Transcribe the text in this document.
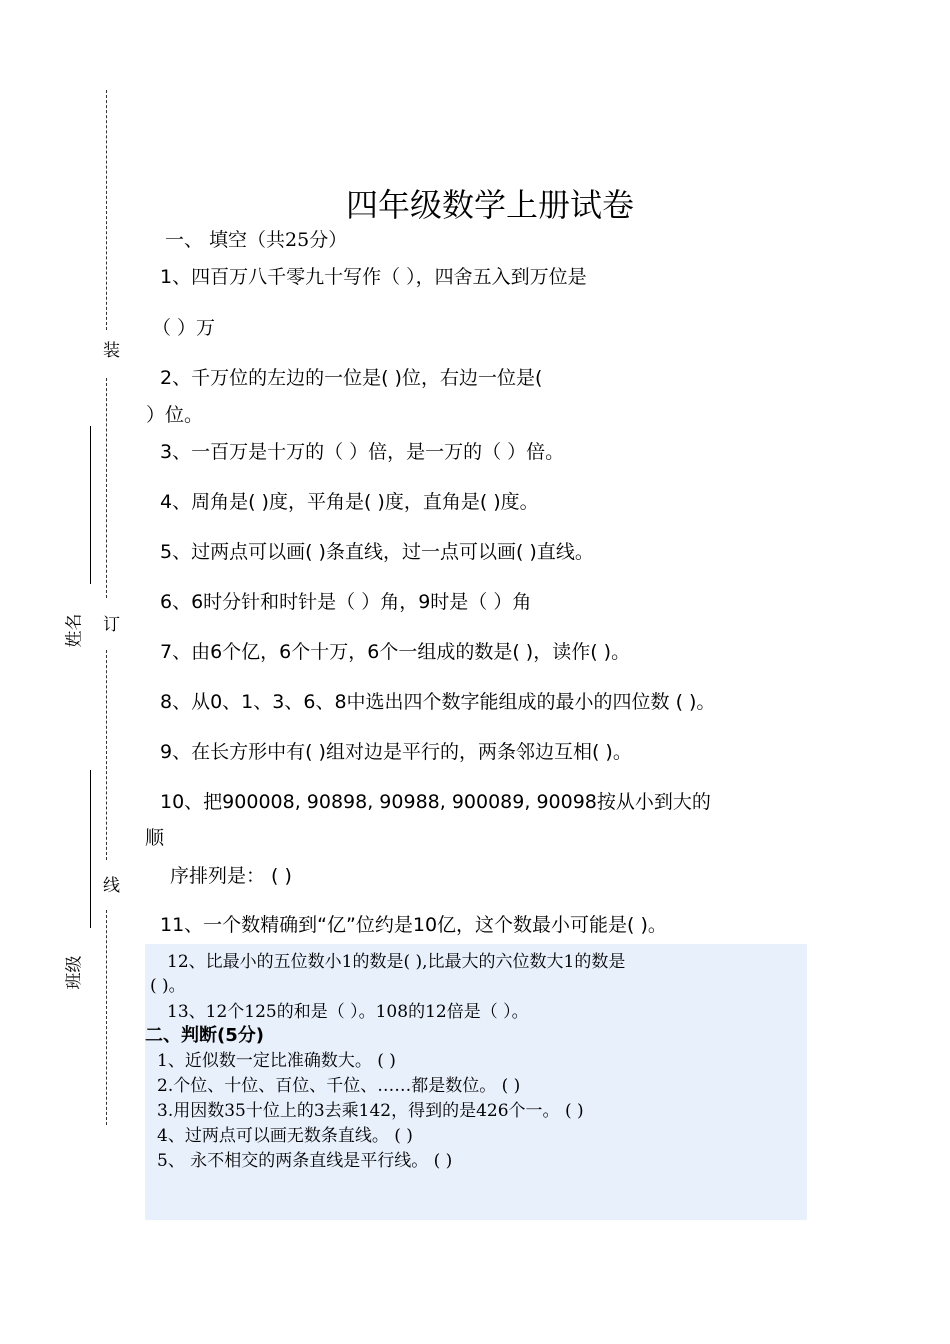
装
订
线
姓名
班级
四年级数学上册试卷
一、 填空（共25分）
1、四百万八千零九十写作（ ），四舍五入到万位是
（ ）万
2、千万位的左边的一位是( )位，右边一位是(
）位。
3、一百万是十万的（ ）倍，是一万的（ ）倍。
4、周角是( )度，平角是( )度，直角是( )度。
5、过两点可以画( )条直线，过一点可以画( )直线。
6、6时分针和时针是（ ）角，9时是（ ）角
7、由6个亿，6个十万，6个一组成的数是( )，读作( )。
8、从0、1、3、6、8中选出四个数字能组成的最小的四位数 ( )。
9、在长方形中有( )组对边是平行的，两条邻边互相( )。
10、把900008, 90898, 90988, 900089, 90098按从小到大的
顺
序排列是： ( )
11、一个数精确到“亿”位约是10亿，这个数最小可能是( )。
12、比最小的五位数小1的数是( ),比最大的六位数大1的数是
( )。
13、12个125的和是（ ）。108的12倍是（ ）。
二、判断(5分)
1、近似数一定比准确数大。 ( )
2.个位、十位、百位、千位、……都是数位。 ( )
3.用因数35十位上的3去乘142，得到的是426个一。 ( )
4、过两点可以画无数条直线。 ( )
5、 永不相交的两条直线是平行线。 ( )
